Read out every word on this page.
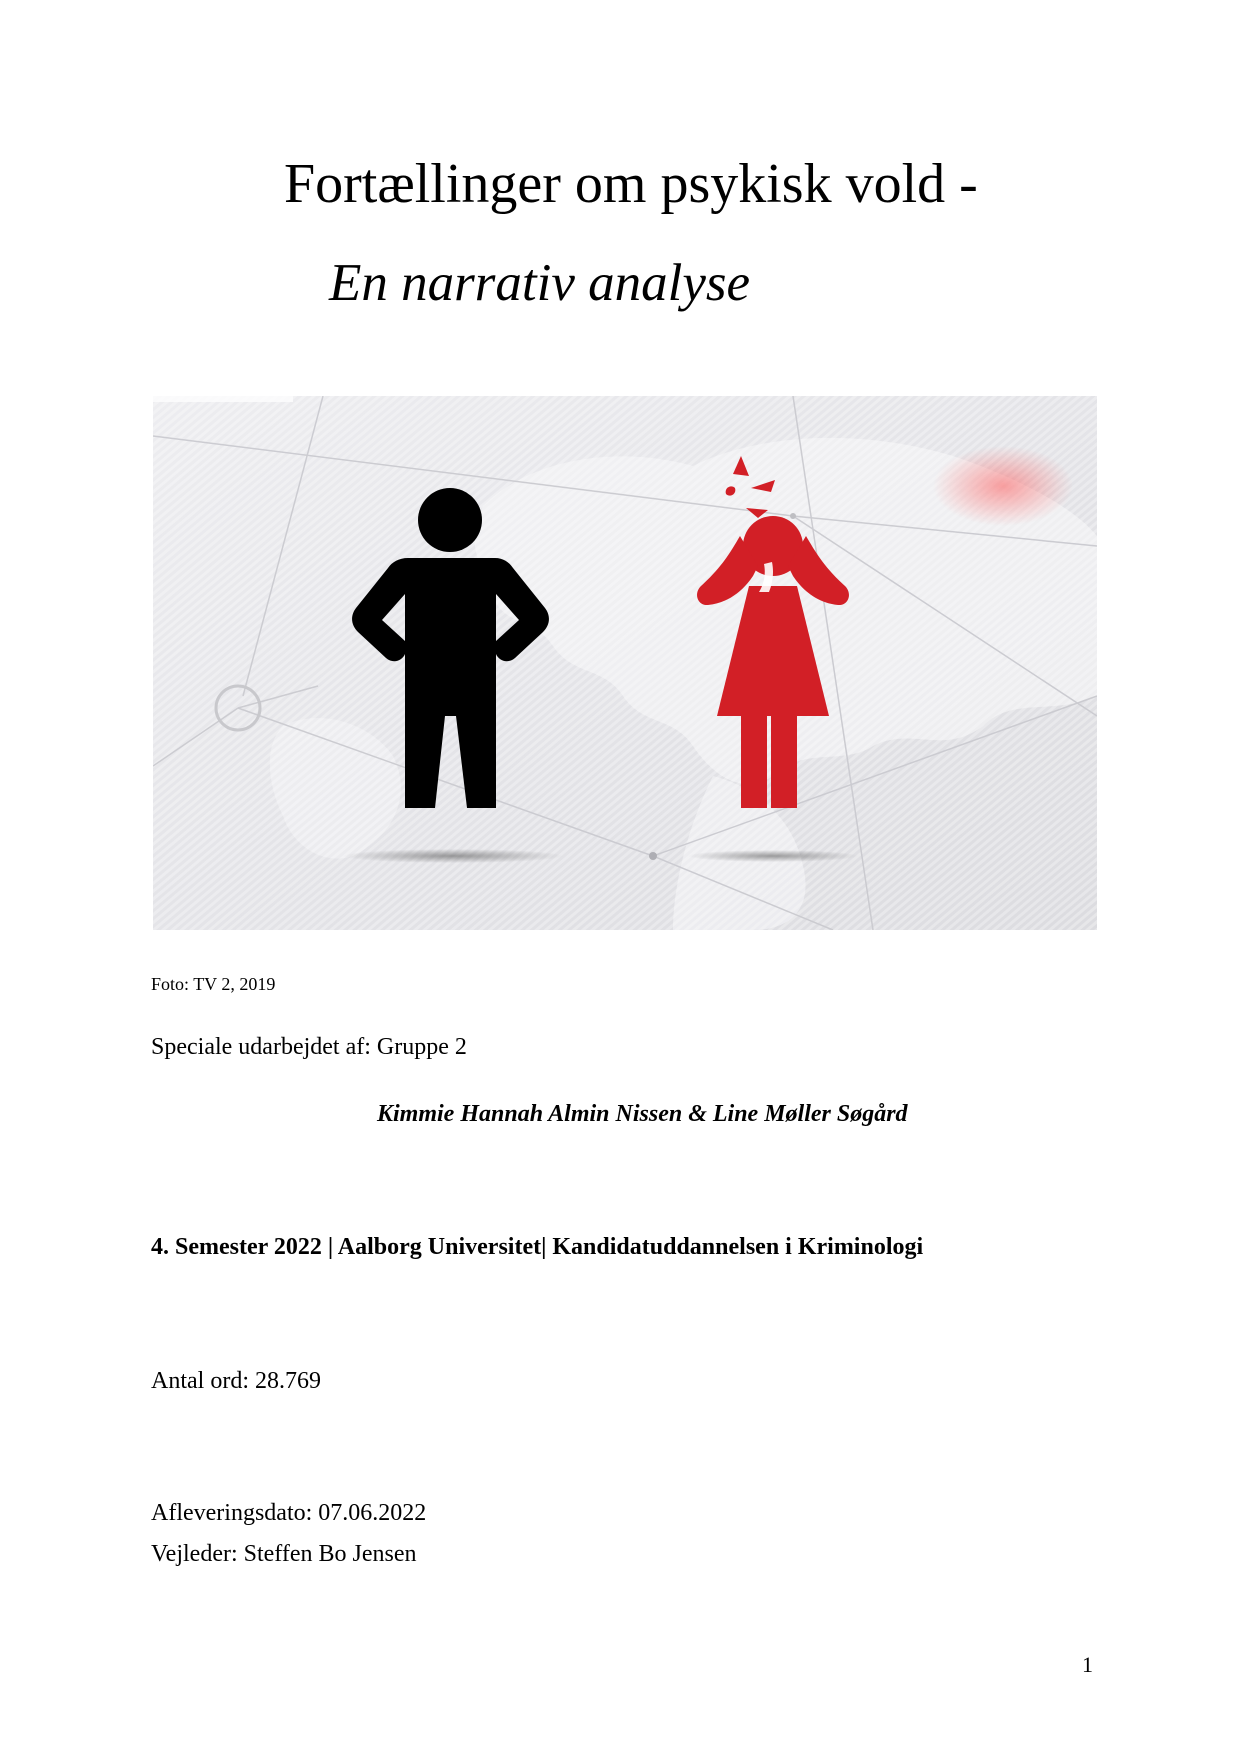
Fortællinger om psykisk vold -
En narrativ analyse
Foto: TV 2, 2019
Speciale udarbejdet af: Gruppe 2
Kimmie Hannah Almin Nissen & Line Møller Søgård
4. Semester 2022 | Aalborg Universitet| Kandidatuddannelsen i Kriminologi
Antal ord: 28.769
Afleveringsdato: 07.06.2022
Vejleder: Steffen Bo Jensen
1
